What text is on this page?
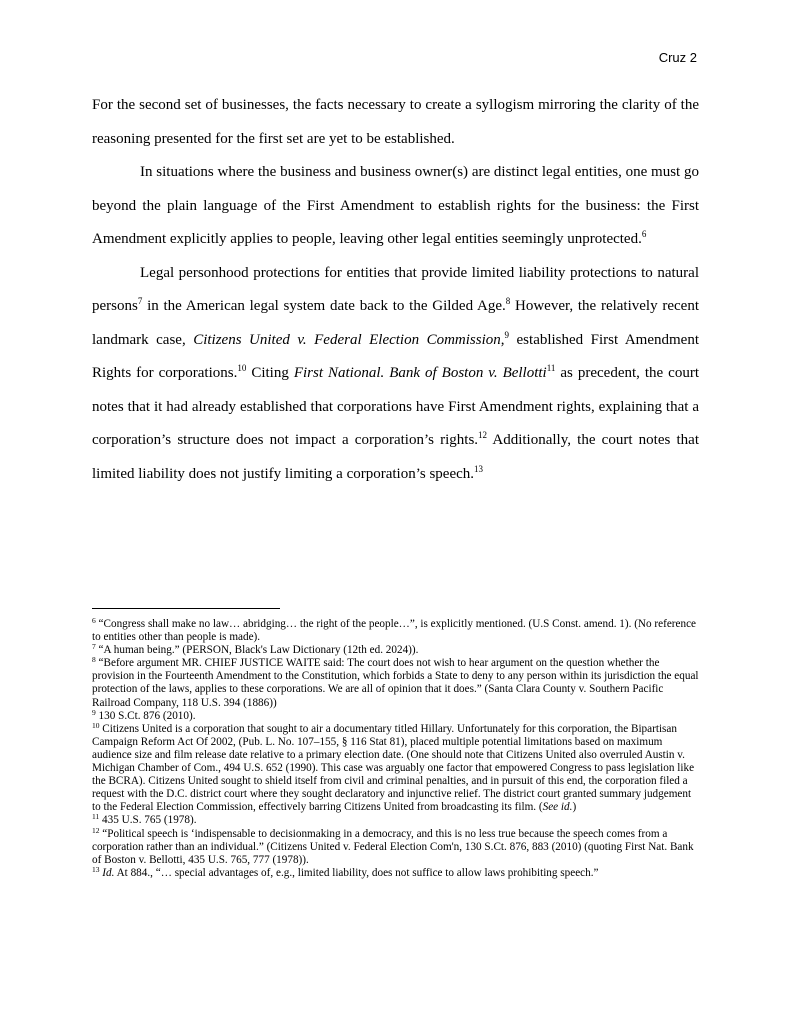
Cruz 2

For the second set of businesses, the facts necessary to create a syllogism mirroring the clarity of the reasoning presented for the first set are yet to be established.

In situations where the business and business owner(s) are distinct legal entities, one must go beyond the plain language of the First Amendment to establish rights for the business: the First Amendment explicitly applies to people, leaving other legal entities seemingly unprotected.$^6$

Legal personhood protections for entities that provide limited liability protections to natural persons$^7$ in the American legal system date back to the Gilded Age.$^8$ However, the relatively recent landmark case, Citizens United v. Federal Election Commission,$^9$ established First Amendment Rights for corporations.$^{10}$ Citing First National. Bank of Boston v. Bellotti$^{11}$ as precedent, the court notes that it had already established that corporations have First Amendment rights, explaining that a corporation’s structure does not impact a corporation’s rights.$^{12}$ Additionally, the court notes that limited liability does not justify limiting a corporation’s speech.$^{13}$

$^6$ “Congress shall make no law… abridging… the right of the people…”, is explicitly mentioned. (U.S Const. amend. 1). (No reference to entities other than people is made).

$^7$ “A human being.” (PERSON, Black's Law Dictionary (12th ed. 2024)).

$^8$ “Before argument MR. CHIEF JUSTICE WAITE said: The court does not wish to hear argument on the question whether the provision in the Fourteenth Amendment to the Constitution, which forbids a State to deny to any person within its jurisdiction the equal protection of the laws, applies to these corporations. We are all of opinion that it does.” (Santa Clara County v. Southern Pacific Railroad Company, 118 U.S. 394 (1886))

$^9$ 130 S.Ct. 876 (2010).

$^{10}$ Citizens United is a corporation that sought to air a documentary titled Hillary. Unfortunately for this corporation, the Bipartisan Campaign Reform Act Of 2002, (Pub. L. No. 107–155, § 116 Stat 81), placed multiple potential limitations based on maximum audience size and film release date relative to a primary election date. (One should note that Citizens United also overruled Austin v. Michigan Chamber of Com., 494 U.S. 652 (1990). This case was arguably one factor that empowered Congress to pass legislation like the BCRA). Citizens United sought to shield itself from civil and criminal penalties, and in pursuit of this end, the corporation filed a request with the D.C. district court where they sought declaratory and injunctive relief. The district court granted summary judgement to the Federal Election Commission, effectively barring Citizens United from broadcasting its film. (See id.)

$^{11}$ 435 U.S. 765 (1978).

$^{12}$ “Political speech is ‘indispensable to decisionmaking in a democracy, and this is no less true because the speech comes from a corporation rather than an individual.” (Citizens United v. Federal Election Com'n, 130 S.Ct. 876, 883 (2010) (quoting First Nat. Bank of Boston v. Bellotti, 435 U.S. 765, 777 (1978)).

$^{13}$ Id. At 884., “… special advantages of, e.g., limited liability, does not suffice to allow laws prohibiting speech.”
